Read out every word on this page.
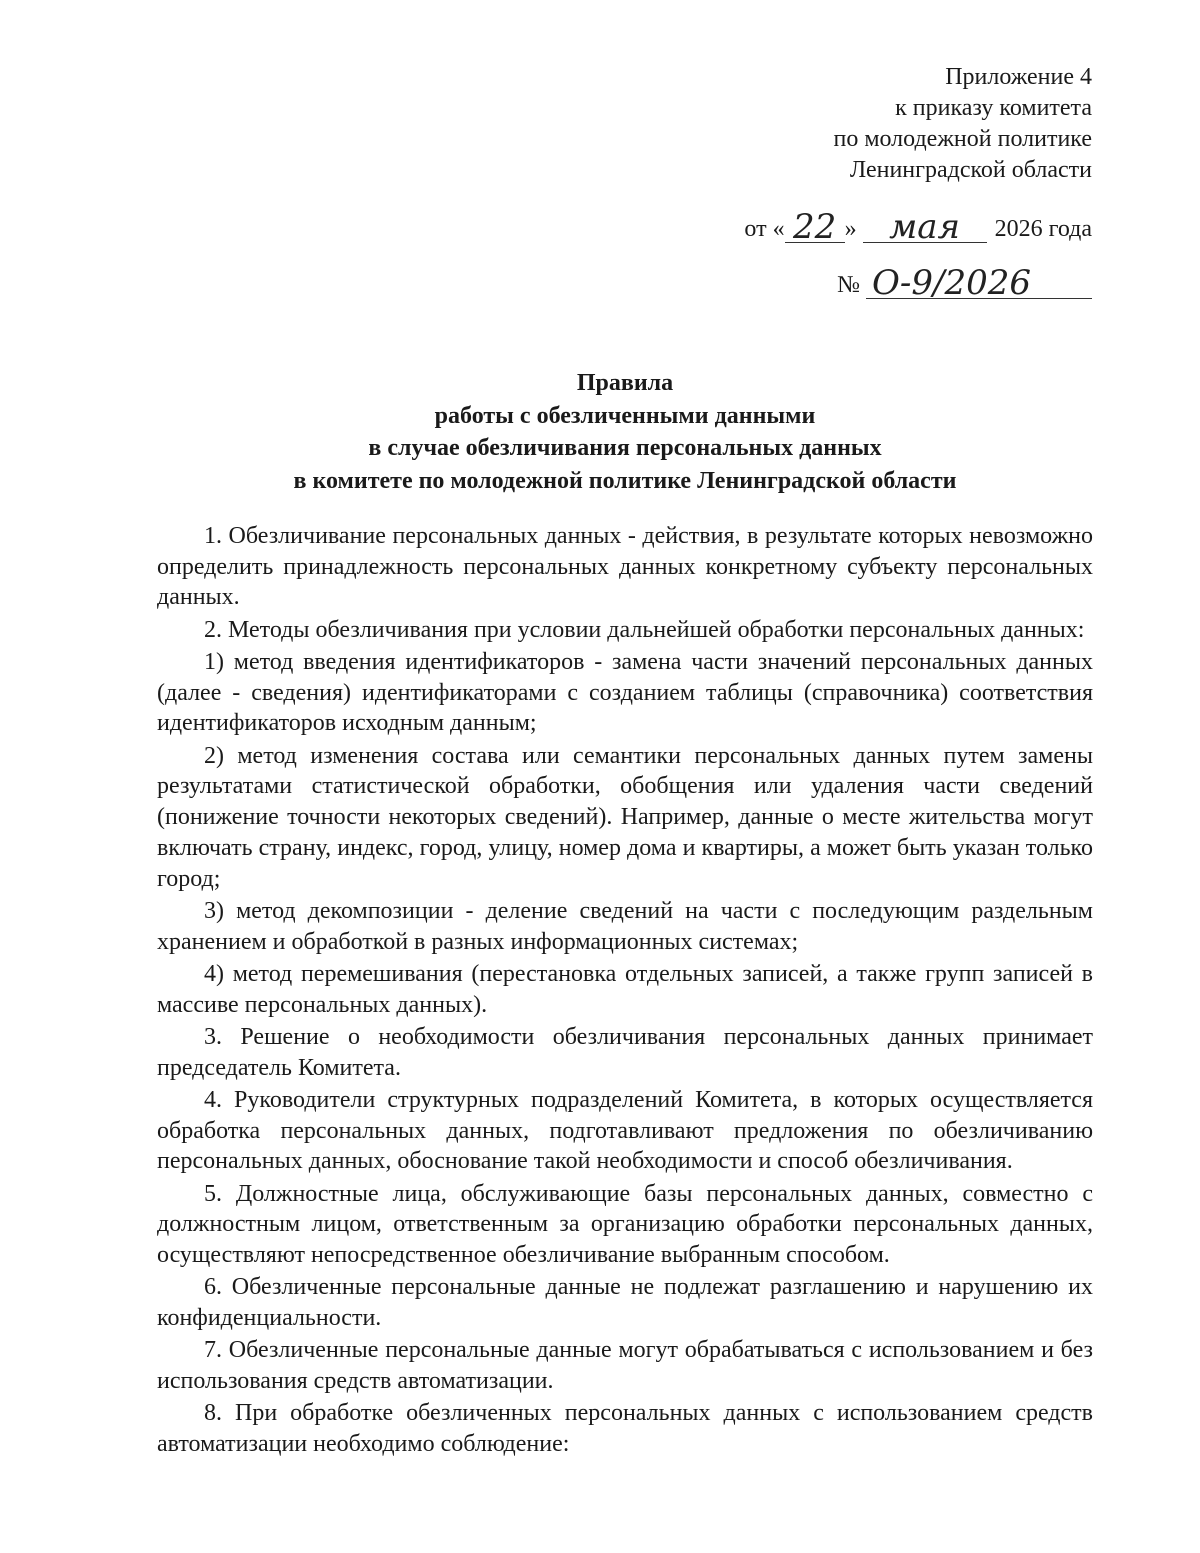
Приложение 4
к приказу комитета
по молодежной политике
Ленинградской области
от « 22 » мая	2026 года
№ О-9/2026
Правила
работы с обезличенными данными
в случае обезличивания персональных данных
в комитете по молодежной политике Ленинградской области

1. Обезличивание персональных данных - действия, в результате которых невозможно определить принадлежность персональных данных конкретному субъекту персональных данных.

2. Методы обезличивания при условии дальнейшей обработки персональных данных:

1) метод введения идентификаторов - замена части значений персональных данных (далее - сведения) идентификаторами с созданием таблицы (справочника) соответствия идентификаторов исходным данным;

2) метод изменения состава или семантики персональных данных путем замены результатами статистической обработки, обобщения или удаления части сведений (понижение точности некоторых сведений). Например, данные о месте жительства могут включать страну, индекс, город, улицу, номер дома и квартиры, а может быть указан только город;

3) метод декомпозиции - деление сведений на части с последующим раздельным хранением и обработкой в разных информационных системах;

4) метод перемешивания (перестановка отдельных записей, а также групп записей в массиве персональных данных).

3. Решение о необходимости обезличивания персональных данных принимает председатель Комитета.

4. Руководители структурных подразделений Комитета, в которых осуществляется обработка персональных данных, подготавливают предложения по обезличиванию персональных данных, обоснование такой необходимости и способ обезличивания.

5. Должностные лица, обслуживающие базы персональных данных, совместно с должностным лицом, ответственным за организацию обработки персональных данных, осуществляют непосредственное обезличивание выбранным способом.

6. Обезличенные персональные данные не подлежат разглашению и нарушению их конфиденциальности.

7. Обезличенные персональные данные могут обрабатываться с использованием и без использования средств автоматизации.

8. При обработке обезличенных персональных данных с использованием средств автоматизации необходимо соблюдение:
